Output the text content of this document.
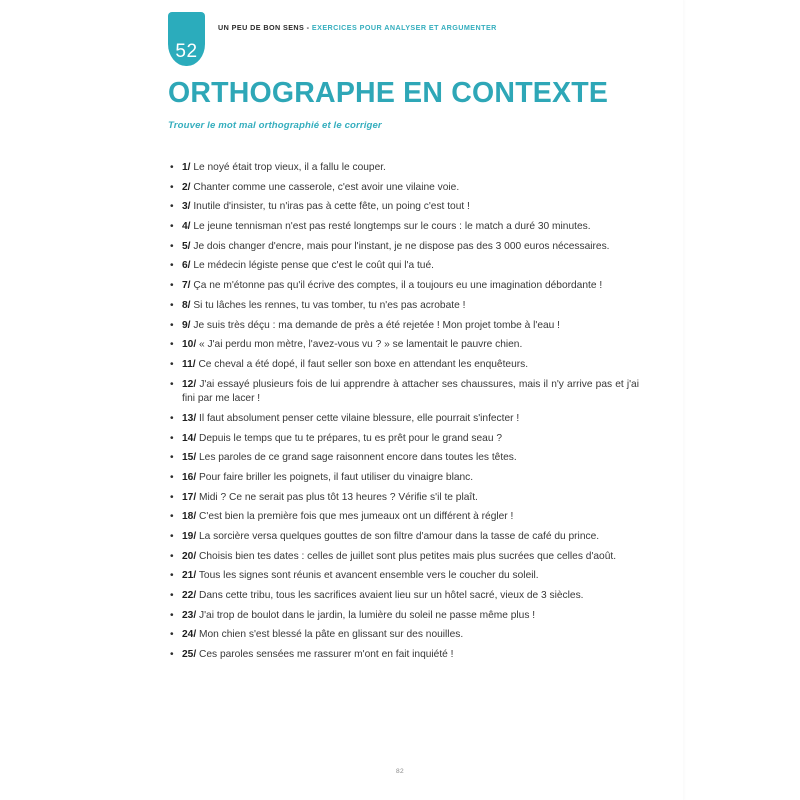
52
UN PEU DE BON SENS - EXERCICES POUR ANALYSER ET ARGUMENTER
ORTHOGRAPHE EN CONTEXTE
Trouver le mot mal orthographié et le corriger
• 1/ Le noyé était trop vieux, il a fallu le couper.
• 2/ Chanter comme une casserole, c'est avoir une vilaine voie.
• 3/ Inutile d'insister, tu n'iras pas à cette fête, un poing c'est tout !
• 4/ Le jeune tennisman n'est pas resté longtemps sur le cours : le match a duré 30 minutes.
• 5/ Je dois changer d'encre, mais pour l'instant, je ne dispose pas des 3 000 euros nécessaires.
• 6/ Le médecin légiste pense que c'est le coût qui l'a tué.
• 7/ Ça ne m'étonne pas qu'il écrive des comptes, il a toujours eu une imagination débordante !
• 8/ Si tu lâches les rennes, tu vas tomber, tu n'es pas acrobate !
• 9/ Je suis très déçu : ma demande de près a été rejetée ! Mon projet tombe à l'eau !
• 10/ « J'ai perdu mon mètre, l'avez-vous vu ? » se lamentait le pauvre chien.
• 11/ Ce cheval a été dopé, il faut seller son boxe en attendant les enquêteurs.
• 12/ J'ai essayé plusieurs fois de lui apprendre à attacher ses chaussures, mais il n'y arrive pas et j'ai fini par me lacer !
• 13/ Il faut absolument penser cette vilaine blessure, elle pourrait s'infecter !
• 14/ Depuis le temps que tu te prépares, tu es prêt pour le grand seau ?
• 15/ Les paroles de ce grand sage raisonnent encore dans toutes les têtes.
• 16/ Pour faire briller les poignets, il faut utiliser du vinaigre blanc.
• 17/ Midi ? Ce ne serait pas plus tôt 13 heures ? Vérifie s'il te plaît.
• 18/ C'est bien la première fois que mes jumeaux ont un différent à régler !
• 19/ La sorcière versa quelques gouttes de son filtre d'amour dans la tasse de café du prince.
• 20/ Choisis bien tes dates : celles de juillet sont plus petites mais plus sucrées que celles d'août.
• 21/ Tous les signes sont réunis et avancent ensemble vers le coucher du soleil.
• 22/ Dans cette tribu, tous les sacrifices avaient lieu sur un hôtel sacré, vieux de 3 siècles.
• 23/ J'ai trop de boulot dans le jardin, la lumière du soleil ne passe même plus !
• 24/ Mon chien s'est blessé la pâte en glissant sur des nouilles.
• 25/ Ces paroles sensées me rassurer m'ont en fait inquiété !
82
